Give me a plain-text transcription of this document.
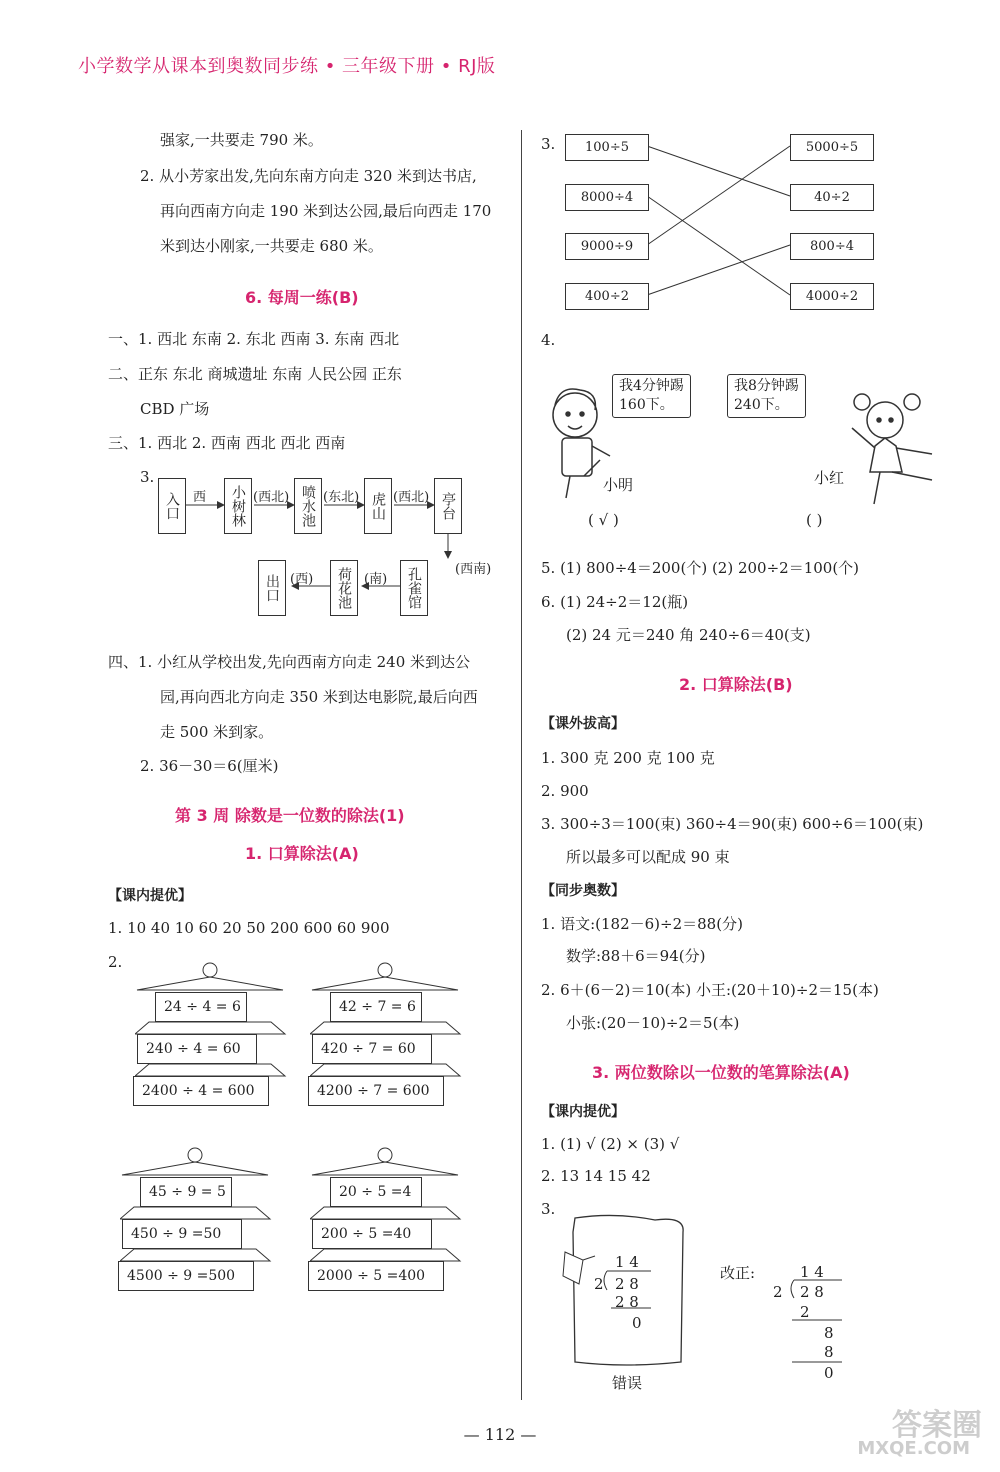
小学数学从课本到奥数同步练 • 三年级下册 • RJ版
强家,一共要走 790 米。
2. 从小芳家出发,先向东南方向走 320 米到达书店,
再向西南方向走 190 米到达公园,最后向西走 170
米到达小刚家,一共要走 680 米。
6. 每周一练(B)
一、1. 西北 东南 2. 东北 西南 3. 东南 西北
二、正东 东北 商城遗址 东南 人民公园 正东
CBD 广场
三、1. 西北 2. 西南 西北 西北 西南
3.
入口	小树林	喷水池	虎山	亭台
西	(西北)	(东北)	(西北)
(西南)
出口	荷花池	孔雀馆
(西)	(南)
四、1. 小红从学校出发,先向西南方向走 240 米到达公
园,再向西北方向走 350 米到达电影院,最后向西
走 500 米到家。
2. 36－30＝6(厘米)
第 3 周 除数是一位数的除法(1)
1. 口算除法(A)
【课内提优】
1. 10 40 10 60 20 50 200 600 60 900
2.
24 ÷ 4 = 6
240 ÷ 4 = 60
2400 ÷ 4 = 600
42 ÷ 7 = 6
420 ÷ 7 = 60
4200 ÷ 7 = 600
45 ÷ 9 = 5
450 ÷ 9 =50
4500 ÷ 9 =500
20 ÷ 5 =4
200 ÷ 5 =40
2000 ÷ 5 =400
3.	100÷5
8000÷4
9000÷9
400÷2
5000÷5
40÷2
800÷4
4000÷2
4.
我4分钟踢
160下。
我8分钟踢
240下。
小明	小红
( √ )	( )
5. (1) 800÷4＝200(个) (2) 200÷2＝100(个)
6. (1) 24÷2＝12(瓶)
(2) 24 元＝240 角 240÷6＝40(支)
2. 口算除法(B)
【课外拔高】
1. 300 克 200 克 100 克
2. 900
3. 300÷3＝100(束) 360÷4＝90(束) 600÷6＝100(束)
所以最多可以配成 90 束
【同步奥数】
1. 语文:(182－6)÷2＝88(分)
数学:88＋6＝94(分)
2. 6＋(6－2)＝10(本) 小王:(20＋10)÷2＝15(本)
小张:(20－10)÷2＝5(本)
3. 两位数除以一位数的笔算除法(A)
【课内提优】
1. (1) √ (2) × (3) √
2. 13 14 15 42
3.
1 4
2 2 8
2 8
0
错误
改正:	1 4
2 2 8
2
8
8
0
— 112 —	答案圈
MXQE.COM
